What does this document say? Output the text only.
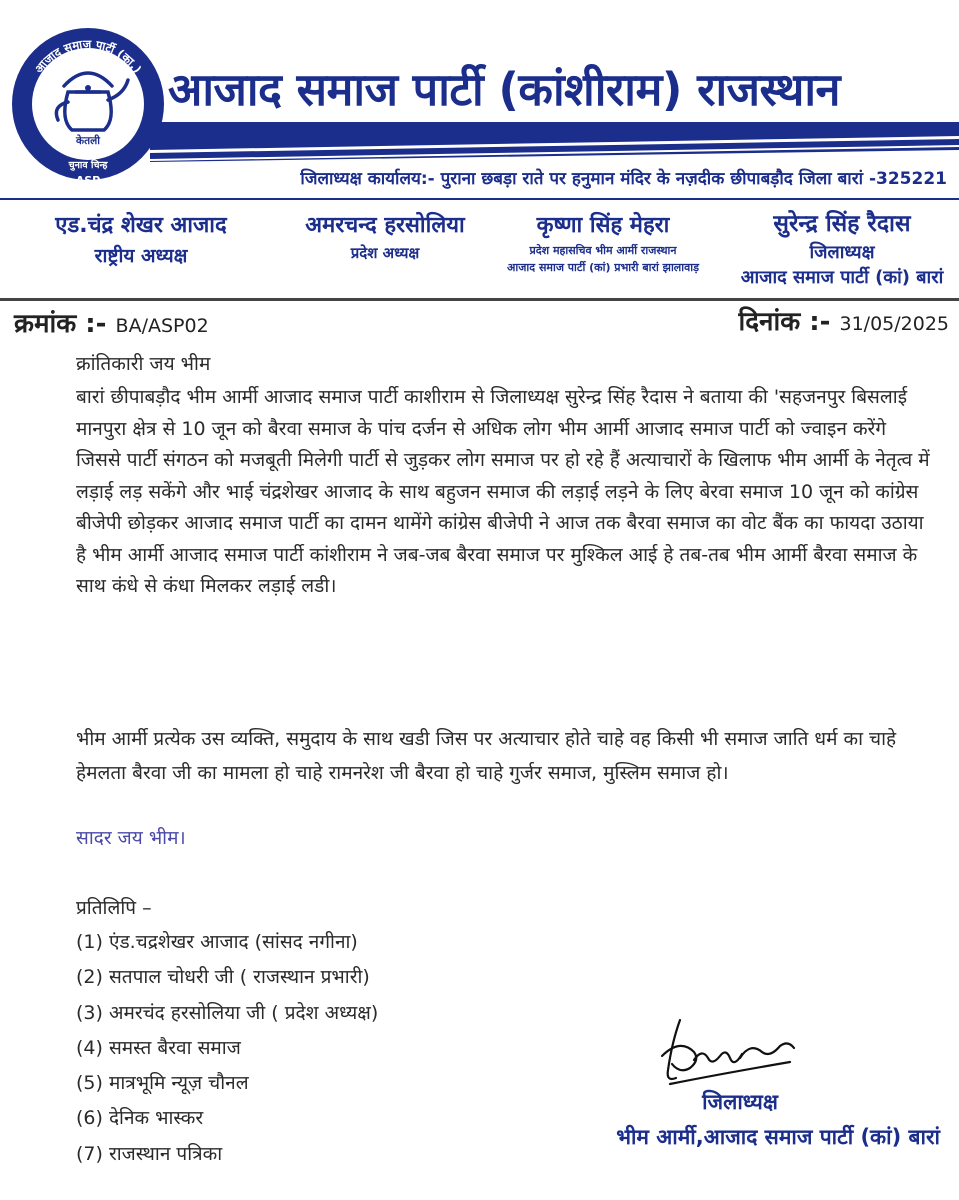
आजाद समाज पार्टी (का.)
केतली
चुनाव चिन्ह
ASP
आजाद समाज पार्टी (कांशीराम) राजस्थान
जिलाध्यक्ष कार्यालय:- पुराना छबड़ा राते पर हनुमान मंदिर के नज़दीक छीपाबड़ौद जिला बारां -325221
एड.चंद्र शेखर आजाद
राष्ट्रीय अध्यक्ष
अमरचन्द हरसोलिया
प्रदेश अध्यक्ष
कृष्णा सिंह मेहरा
प्रदेश महासचिव भीम आर्मी राजस्थान
आजाद समाज पार्टी (कां) प्रभारी बारां झालावाड़
सुरेन्द्र सिंह रैदास
जिलाध्यक्ष
आजाद समाज पार्टी (कां) बारां
क्रमांक :- BA/ASP02	दिनांक :- 31/05/2025
क्रांतिकारी जय भीम
बारां छीपाबड़ौद भीम आर्मी आजाद समाज पार्टी काशीराम से जिलाध्यक्ष सुरेन्द्र सिंह रैदास ने बताया की 'सहजनपुर बिसलाई मानपुरा क्षेत्र से 10 जून को बैरवा समाज के पांच दर्जन से अधिक लोग भीम आर्मी आजाद समाज पार्टी को ज्वाइन करेंगे जिससे पार्टी संगठन को मजबूती मिलेगी पार्टी से जुड़कर लोग समाज पर हो रहे हैं अत्याचारों के खिलाफ भीम आर्मी के नेतृत्व में लड़ाई लड़ सकेंगे और भाई चंद्रशेखर आजाद के साथ बहुजन समाज की लड़ाई लड़ने के लिए बेरवा समाज 10 जून को कांग्रेस बीजेपी छोड़कर आजाद समाज पार्टी का दामन थामेंगे कांग्रेस बीजेपी ने आज तक बैरवा समाज का वोट बैंक का फायदा उठाया है भीम आर्मी आजाद समाज पार्टी कांशीराम ने जब-जब बैरवा समाज पर मुश्किल आई हे तब-तब भीम आर्मी बैरवा समाज के साथ कंधे से कंधा मिलकर लड़ाई लडी।
भीम आर्मी प्रत्येक उस व्यक्ति, समुदाय के साथ खडी जिस पर अत्याचार होते चाहे वह किसी भी समाज जाति धर्म का चाहे हेमलता बैरवा जी का मामला हो चाहे रामनरेश जी बैरवा हो चाहे गुर्जर समाज, मुस्लिम समाज हो।
सादर जय भीम।
प्रतिलिपि –
(1) एंड.चद्रशेखर आजाद (सांसद नगीना)
(2) सतपाल चोधरी जी ( राजस्थान प्रभारी)
(3) अमरचंद हरसोलिया जी ( प्रदेश अध्यक्ष)
(4) समस्त बैरवा समाज
(5) मात्रभूमि न्यूज़ चौनल
(6) देनिक भास्कर
(7) राजस्थान पत्रिका
जिलाध्यक्ष
भीम आर्मी,आजाद समाज पार्टी (कां) बारां
